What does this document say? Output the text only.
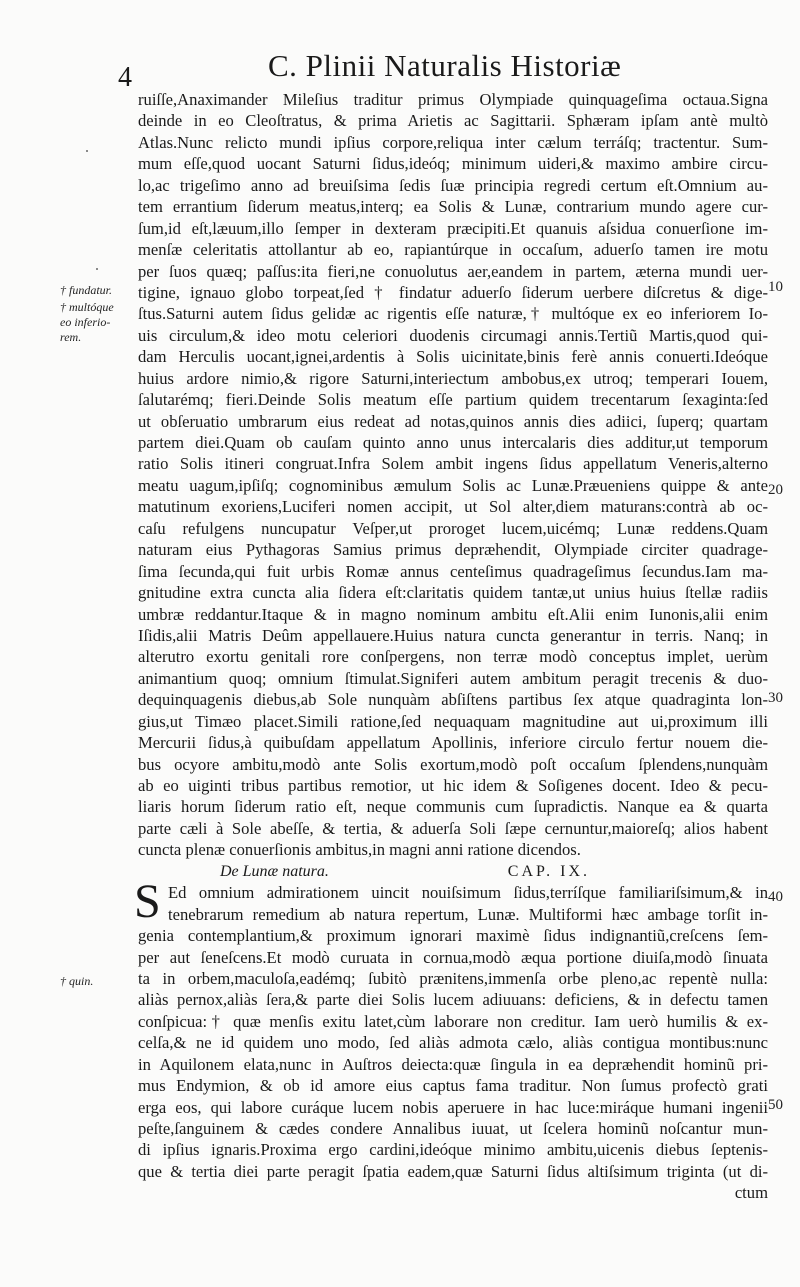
4	C. Plinii Naturalis Historiæ
† fundatur.
† multóque
eo inferio-
rem.
† quin.
10
20
30
40
50
ruiſſe,Anaximander Mileſius traditur primus Olympiade quinquageſima octaua.Signa
deinde in eo Cleoſtratus, & prima Arietis ac Sagittarii. Sphæram ipſam antè multò
Atlas.Nunc relicto mundi ipſius corpore,reliqua inter cælum terráſq; tractentur. Sum-
mum eſſe,quod uocant Saturni ſidus,ideóq; minimum uideri,& maximo ambire circu-
lo,ac trigeſimo anno ad breuiſsima ſedis ſuæ principia regredi certum eſt.Omnium au-
tem errantium ſiderum meatus,interq; ea Solis & Lunæ, contrarium mundo agere cur-
ſum,id eſt,læuum,illo ſemper in dexteram præcipiti.Et quanuis aſsidua conuerſione im-
menſæ celeritatis attollantur ab eo, rapiantúrque in occaſum, aduerſo tamen ire motu
per ſuos quæq; paſſus:ita fieri,ne conuolutus aer,eandem in partem, æterna mundi uer-
tigine, ignauo globo torpeat,ſed † findatur aduerſo ſiderum uerbere diſcretus & dige-
ſtus.Saturni autem ſidus gelidæ ac rigentis eſſe naturæ,† multóque ex eo inferiorem Io-
uis circulum,& ideo motu celeriori duodenis circumagi annis.Tertiũ Martis,quod qui-
dam Herculis uocant,ignei,ardentis à Solis uicinitate,binis ferè annis conuerti.Ideóque
huius ardore nimio,& rigore Saturni,interiectum ambobus,ex utroq; temperari Iouem,
ſalutarémq; fieri.Deinde Solis meatum eſſe partium quidem trecentarum ſexaginta:ſed
ut obſeruatio umbrarum eius redeat ad notas,quinos annis dies adiici, ſuperq; quartam
partem diei.Quam ob cauſam quinto anno unus intercalaris dies additur,ut temporum
ratio Solis itineri congruat.Infra Solem ambit ingens ſidus appellatum Veneris,alterno
meatu uagum,ipſiſq; cognominibus æmulum Solis ac Lunæ.Præueniens quippe & ante
matutinum exoriens,Luciferi nomen accipit, ut Sol alter,diem maturans:contrà ab oc-
caſu refulgens nuncupatur Veſper,ut proroget lucem,uicémq; Lunæ reddens.Quam
naturam eius Pythagoras Samius primus depræhendit, Olympiade circiter quadrage-
ſima ſecunda,qui fuit urbis Romæ annus centeſimus quadrageſimus ſecundus.Iam ma-
gnitudine extra cuncta alia ſidera eſt:claritatis quidem tantæ,ut unius huius ſtellæ radiis
umbræ reddantur.Itaque & in magno nominum ambitu eſt.Alii enim Iunonis,alii enim
Iſidis,alii Matris Deûm appellauere.Huius natura cuncta generantur in terris. Nanq; in
alterutro exortu genitali rore conſpergens, non terræ modò conceptus implet, uerùm
animantium quoq; omnium ſtimulat.Signiferi autem ambitum peragit trecenis & duo-
dequinquagenis diebus,ab Sole nunquàm abſiſtens partibus ſex atque quadraginta lon-
gius,ut Timæo placet.Simili ratione,ſed nequaquam magnitudine aut ui,proximum illi
Mercurii ſidus,à quibuſdam appellatum Apollinis, inferiore circulo fertur nouem die-
bus ocyore ambitu,modò ante Solis exortum,modò poſt occaſum ſplendens,nunquàm
ab eo uiginti tribus partibus remotior, ut hic idem & Soſigenes docent. Ideo & pecu-
liaris horum ſiderum ratio eſt, neque communis cum ſupradictis. Nanque ea & quarta
parte cæli à Sole abeſſe, & tertia, & aduerſa Soli ſæpe cernuntur,maioreſq; alios habent
cuncta plenæ conuerſionis ambitus,in magni anni ratione dicendos.
De Lunæ natura.	CAP. IX.
S Ed omnium admirationem uincit nouiſsimum ſidus,terríſque familiariſsimum,& in
tenebrarum remedium ab natura repertum, Lunæ. Multiformi hæc ambage torſit in-
genia contemplantium,& proximum ignorari maximè ſidus indignantiũ,creſcens ſem-
per aut ſeneſcens.Et modò curuata in cornua,modò æqua portione diuiſa,modò ſinuata
ta in orbem,maculoſa,eadémq; ſubitò prænitens,immenſa orbe pleno,ac repentè nulla:
aliàs pernox,aliàs ſera,& parte diei Solis lucem adiuuans: deficiens, & in defectu tamen
conſpicua:† quæ menſis exitu latet,cùm laborare non creditur. Iam uerò humilis & ex-
celſa,& ne id quidem uno modo, ſed aliàs admota cælo, aliàs contigua montibus:nunc
in Aquilonem elata,nunc in Auſtros deiecta:quæ ſingula in ea depræhendit hominũ pri-
mus Endymion, & ob id amore eius captus fama traditur. Non ſumus profectò grati
erga eos, qui labore curáque lucem nobis aperuere in hac luce:miráque humani ingenii
peſte,ſanguinem & cædes condere Annalibus iuuat, ut ſcelera hominũ noſcantur mun-
di ipſius ignaris.Proxima ergo cardini,ideóque minimo ambitu,uicenis diebus ſeptenis-
que & tertia diei parte peragit ſpatia eadem,quæ Saturni ſidus altiſsimum triginta (ut di-
ctum
